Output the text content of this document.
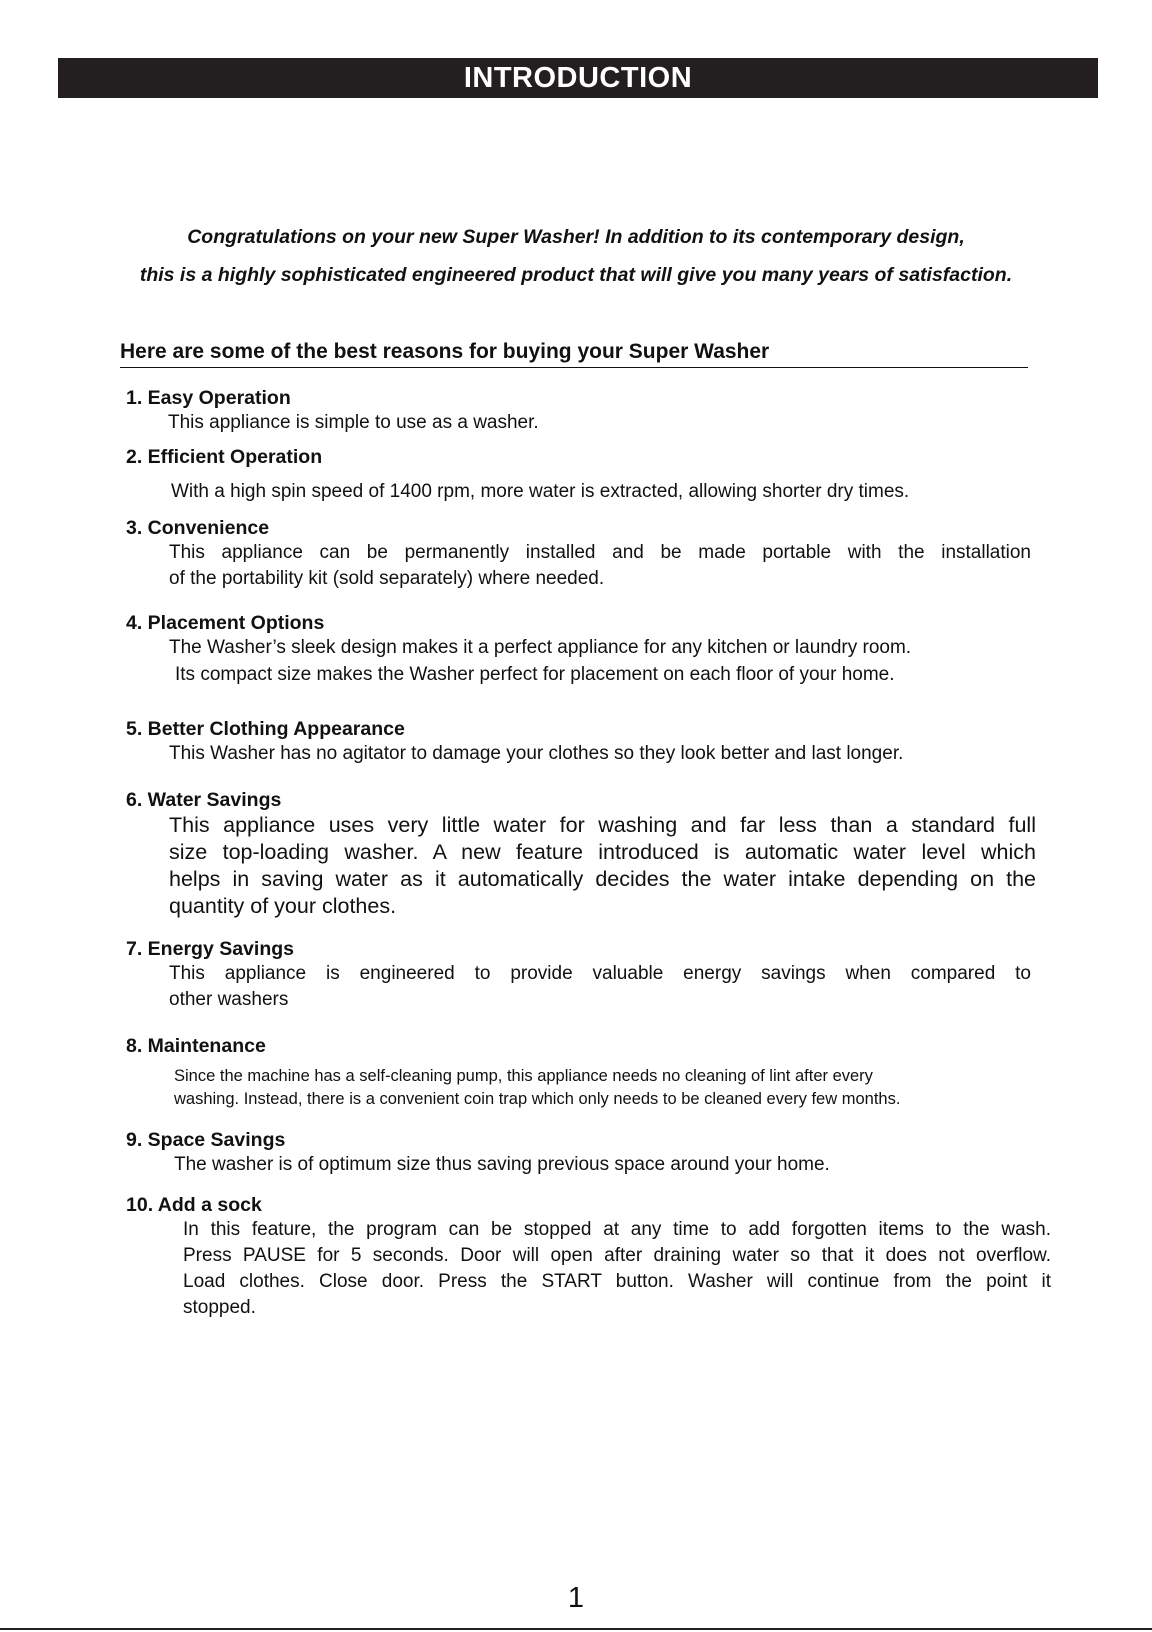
INTRODUCTION

Congratulations on your new Super Washer! In addition to its contemporary design,

this is a highly sophisticated engineered product that will give you many years of satisfaction.

Here are some of the best reasons for buying your Super Washer
1. Easy Operation

This appliance is simple to use as a washer.

2. Efficient Operation

With a high spin speed of 1400 rpm, more water is extracted, allowing shorter dry times.

3. Convenience

This appliance can be permanently installed and be made portable with the installation

of the portability kit (sold separately) where needed.

4. Placement Options

The Washer’s sleek design makes it a perfect appliance for any kitchen or laundry room.

Its compact size makes the Washer perfect for placement on each floor of your home.

5. Better Clothing Appearance

This Washer has no agitator to damage your clothes so they look better and last longer.

6. Water Savings

This appliance uses very little water for washing and far less than a standard full

size top-loading washer. A new feature introduced is automatic water level which

helps in saving water as it automatically decides the water intake depending on the

quantity of your clothes.

7. Energy Savings

This appliance is engineered to provide valuable energy savings when compared to

other washers

8. Maintenance

Since the machine has a self-cleaning pump, this appliance needs no cleaning of lint after every

washing. Instead, there is a convenient coin trap which only needs to be cleaned every few months.

9. Space Savings

The washer is of optimum size thus saving previous space around your home.

10. Add a sock

In this feature, the program can be stopped at any time to add forgotten items to the wash.

Press PAUSE for 5 seconds. Door will open after draining water so that it does not overflow.

Load clothes. Close door. Press the START button. Washer will continue from the point it

stopped.

1
